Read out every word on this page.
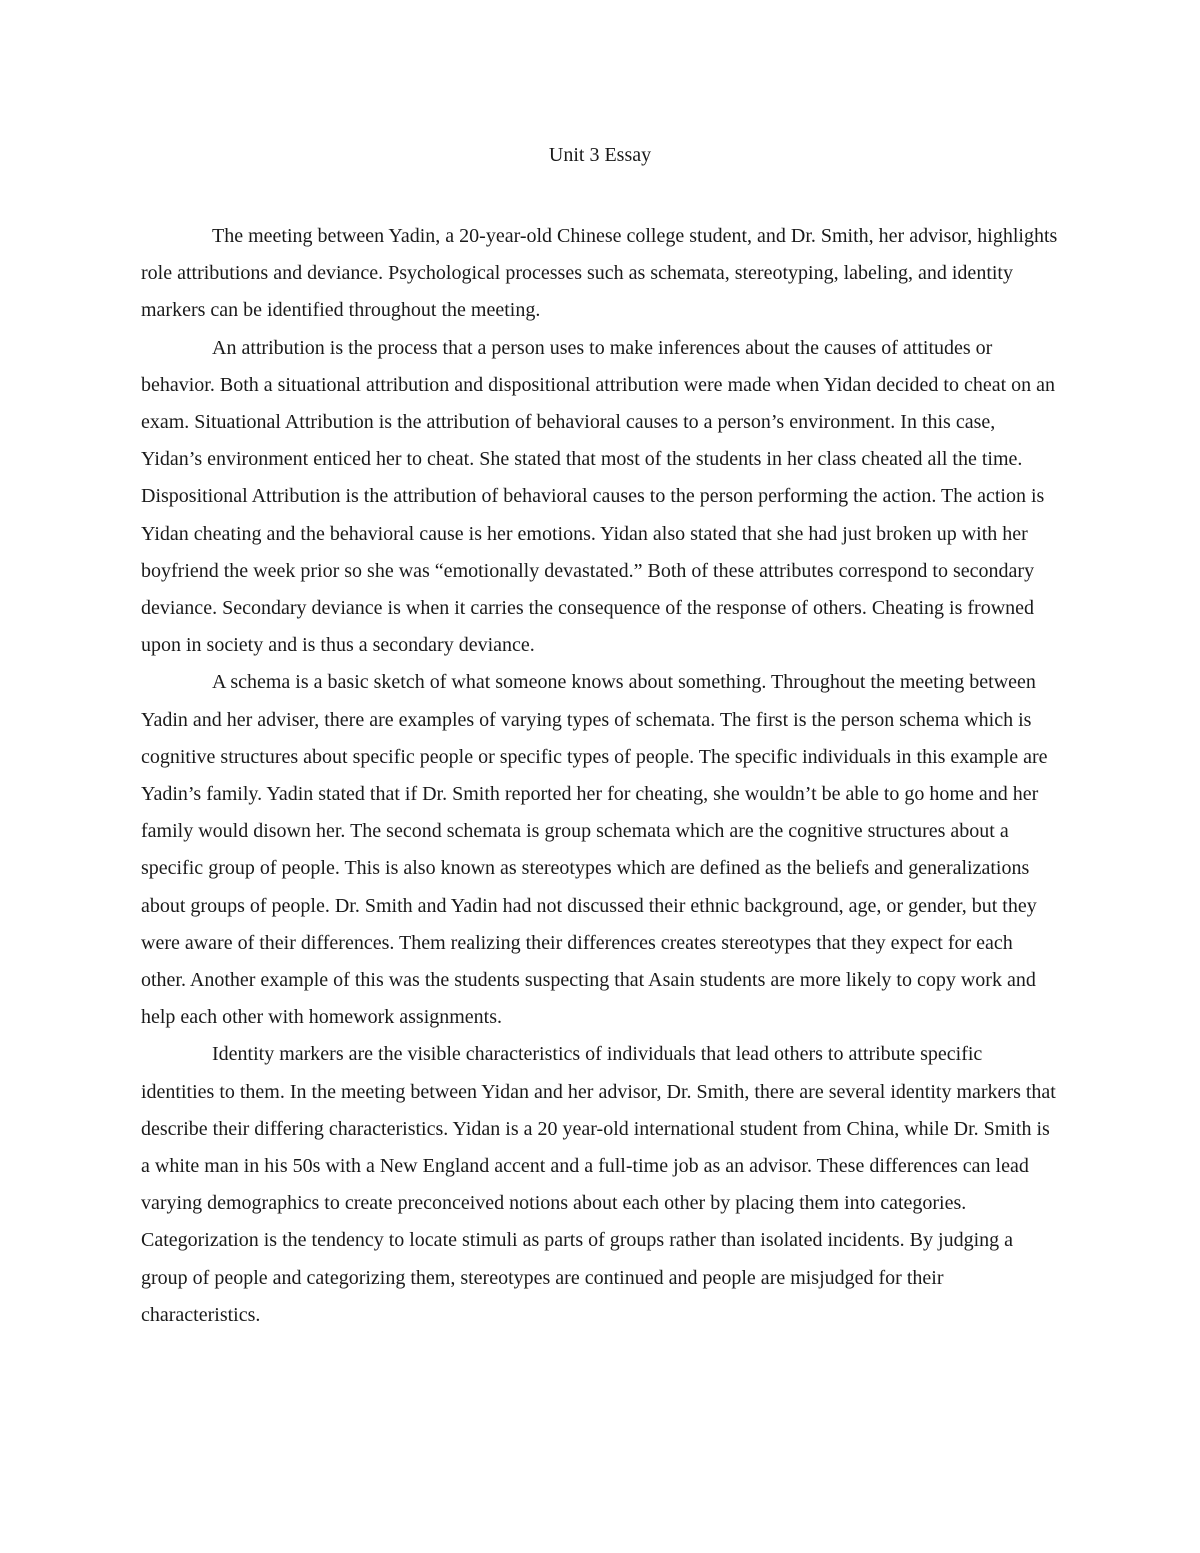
Unit 3 Essay

The meeting between Yadin, a 20-year-old Chinese college student, and Dr. Smith, her advisor, highlights role attributions and deviance. Psychological processes such as schemata, stereotyping, labeling, and identity markers can be identified throughout the meeting.

An attribution is the process that a person uses to make inferences about the causes of attitudes or behavior. Both a situational attribution and dispositional attribution were made when Yidan decided to cheat on an exam. Situational Attribution is the attribution of behavioral causes to a person’s environment. In this case, Yidan’s environment enticed her to cheat. She stated that most of the students in her class cheated all the time. Dispositional Attribution is the attribution of behavioral causes to the person performing the action. The action is Yidan cheating and the behavioral cause is her emotions. Yidan also stated that she had just broken up with her boyfriend the week prior so she was “emotionally devastated.” Both of these attributes correspond to secondary deviance. Secondary deviance is when it carries the consequence of the response of others. Cheating is frowned upon in society and is thus a secondary deviance.

A schema is a basic sketch of what someone knows about something. Throughout the meeting between Yadin and her adviser, there are examples of varying types of schemata. The first is the person schema which is cognitive structures about specific people or specific types of people. The specific individuals in this example are Yadin’s family. Yadin stated that if Dr. Smith reported her for cheating, she wouldn’t be able to go home and her family would disown her. The second schemata is group schemata which are the cognitive structures about a specific group of people. This is also known as stereotypes which are defined as the beliefs and generalizations about groups of people. Dr. Smith and Yadin had not discussed their ethnic background, age, or gender, but they were aware of their differences. Them realizing their differences creates stereotypes that they expect for each other. Another example of this was the students suspecting that Asain students are more likely to copy work and help each other with homework assignments.

Identity markers are the visible characteristics of individuals that lead others to attribute specific identities to them. In the meeting between Yidan and her advisor, Dr. Smith, there are several identity markers that describe their differing characteristics. Yidan is a 20 year-old international student from China, while Dr. Smith is a white man in his 50s with a New England accent and a full-time job as an advisor. These differences can lead varying demographics to create preconceived notions about each other by placing them into categories. Categorization is the tendency to locate stimuli as parts of groups rather than isolated incidents. By judging a group of people and categorizing them, stereotypes are continued and people are misjudged for their characteristics.
